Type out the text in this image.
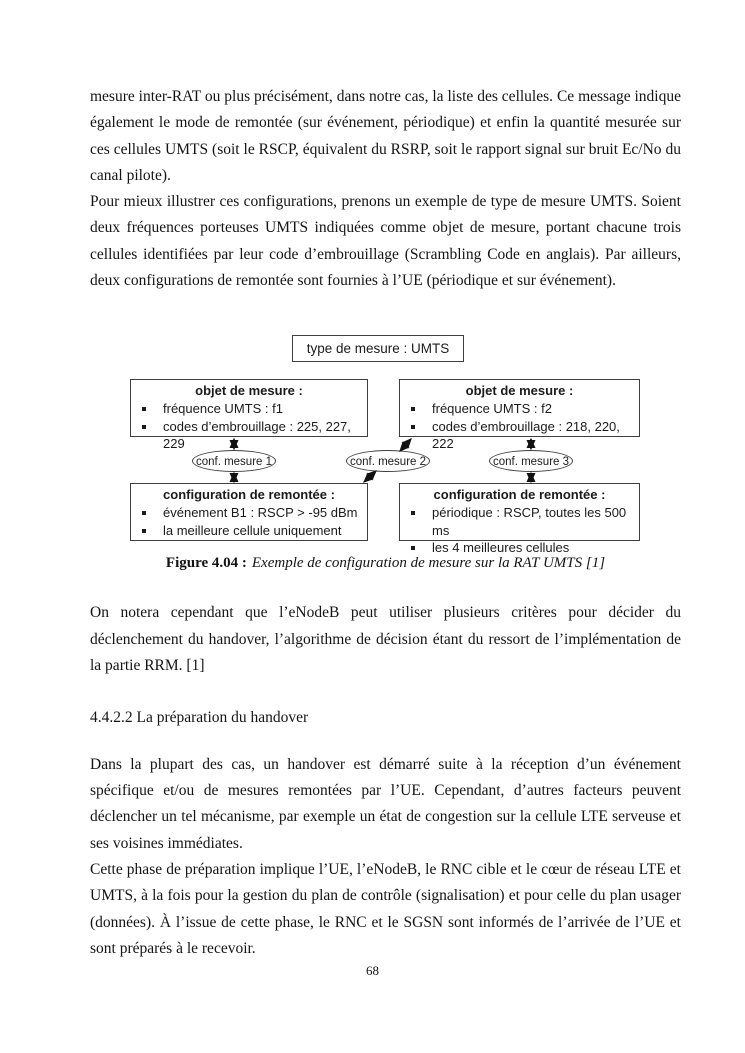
mesure inter-RAT ou plus précisément, dans notre cas, la liste des cellules. Ce message indique également le mode de remontée (sur événement, périodique) et enfin la quantité mesurée sur ces cellules UMTS (soit le RSCP, équivalent du RSRP, soit le rapport signal sur bruit Ec/No du canal pilote).

Pour mieux illustrer ces configurations, prenons un exemple de type de mesure UMTS. Soient deux fréquences porteuses UMTS indiquées comme objet de mesure, portant chacune trois cellules identifiées par leur code d’embrouillage (Scrambling Code en anglais). Par ailleurs, deux configurations de remontée sont fournies à l’UE (périodique et sur événement).

type de mesure : UMTS
objet de mesure :
fréquence UMTS : f1
codes d’embrouillage : 225, 227, 229
objet de mesure :
fréquence UMTS : f2
codes d’embrouillage : 218, 220, 222
configuration de remontée :
événement B1 : RSCP > -95 dBm
la meilleure cellule uniquement
configuration de remontée :
périodique : RSCP, toutes les 500 ms
les 4 meilleures cellules
conf. mesure 1	conf. mesure 2	conf. mesure 3
Figure 4.04 : Exemple de configuration de mesure sur la RAT UMTS [1]

On notera cependant que l’eNodeB peut utiliser plusieurs critères pour décider du déclenchement du handover, l’algorithme de décision étant du ressort de l’implémentation de la partie RRM. [1]

4.4.2.2 La préparation du handover

Dans la plupart des cas, un handover est démarré suite à la réception d’un événement spécifique et/ou de mesures remontées par l’UE. Cependant, d’autres facteurs peuvent déclencher un tel mécanisme, par exemple un état de congestion sur la cellule LTE serveuse et ses voisines immédiates.

Cette phase de préparation implique l’UE, l’eNodeB, le RNC cible et le cœur de réseau LTE et UMTS, à la fois pour la gestion du plan de contrôle (signalisation) et pour celle du plan usager (données). À l’issue de cette phase, le RNC et le SGSN sont informés de l’arrivée de l’UE et sont préparés à le recevoir.

68
